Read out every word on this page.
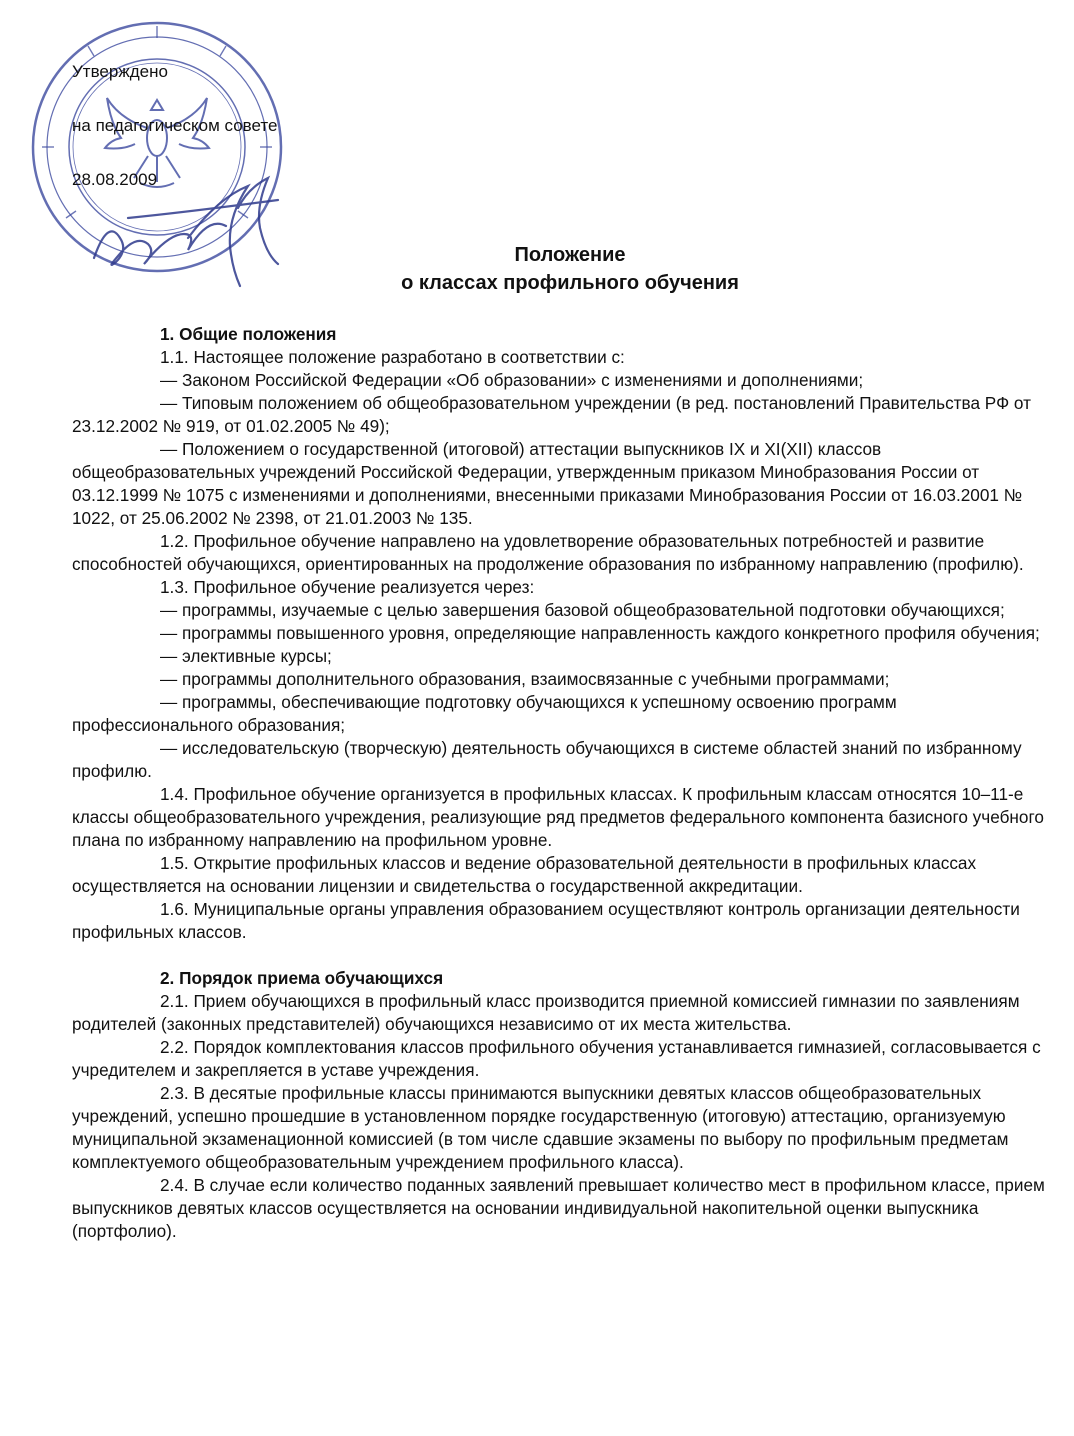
Утверждено
на педагогическом совете
28.08.2009
Положение
о классах профильного обучения
1. Общие положения
1.1. Настоящее положение разработано в соответствии с:
— Законом Российской Федерации «Об образовании» с изменениями и дополнениями;
— Типовым положением об общеобразовательном учреждении (в ред. постановлений Правительства РФ от 23.12.2002 № 919, от 01.02.2005 № 49);
— Положением о государственной (итоговой) аттестации выпускников IX и XI(XII) классов общеобразовательных учреждений Российской Федерации, утвержденным приказом Минобразования России от 03.12.1999 № 1075 с изменениями и дополнениями, внесенными приказами Минобразования России от 16.03.2001 № 1022, от 25.06.2002 № 2398, от 21.01.2003 № 135.
1.2. Профильное обучение направлено на удовлетворение образовательных потребностей и развитие способностей обучающихся, ориентированных на продолжение образования по избранному направлению (профилю).
1.3. Профильное обучение реализуется через:
— программы, изучаемые с целью завершения базовой общеобразовательной подготовки обучающихся;
— программы повышенного уровня, определяющие направленность каждого конкретного профиля обучения;
— элективные курсы;
— программы дополнительного образования, взаимосвязанные с учебными программами;
— программы, обеспечивающие подготовку обучающихся к успешному освоению программ профессионального образования;
— исследовательскую (творческую) деятельность обучающихся в системе областей знаний по избранному профилю.
1.4. Профильное обучение организуется в профильных классах. К профильным классам относятся 10–11-е классы общеобразовательного учреждения, реализующие ряд предметов федерального компонента базисного учебного плана по избранному направлению на профильном уровне.
1.5. Открытие профильных классов и ведение образовательной деятельности в профильных классах осуществляется на основании лицензии и свидетельства о государственной аккредитации.
1.6. Муниципальные органы управления образованием осуществляют контроль организации деятельности профильных классов.
2. Порядок приема обучающихся
2.1. Прием обучающихся в профильный класс производится приемной комиссией гимназии по заявлениям родителей (законных представителей) обучающихся независимо от их места жительства.
2.2. Порядок комплектования классов профильного обучения устанавливается гимназией, согласовывается с учредителем и закрепляется в уставе учреждения.
2.3. В десятые профильные классы принимаются выпускники девятых классов общеобразовательных учреждений, успешно прошедшие в установленном порядке государственную (итоговую) аттестацию, организуемую муниципальной экзаменационной комиссией (в том числе сдавшие экзамены по выбору по профильным предметам комплектуемого общеобразовательным учреждением профильного класса).
2.4. В случае если количество поданных заявлений превышает количество мест в профильном классе, прием выпускников девятых классов осуществляется на основании индивидуальной накопительной оценки выпускника (портфолио).
